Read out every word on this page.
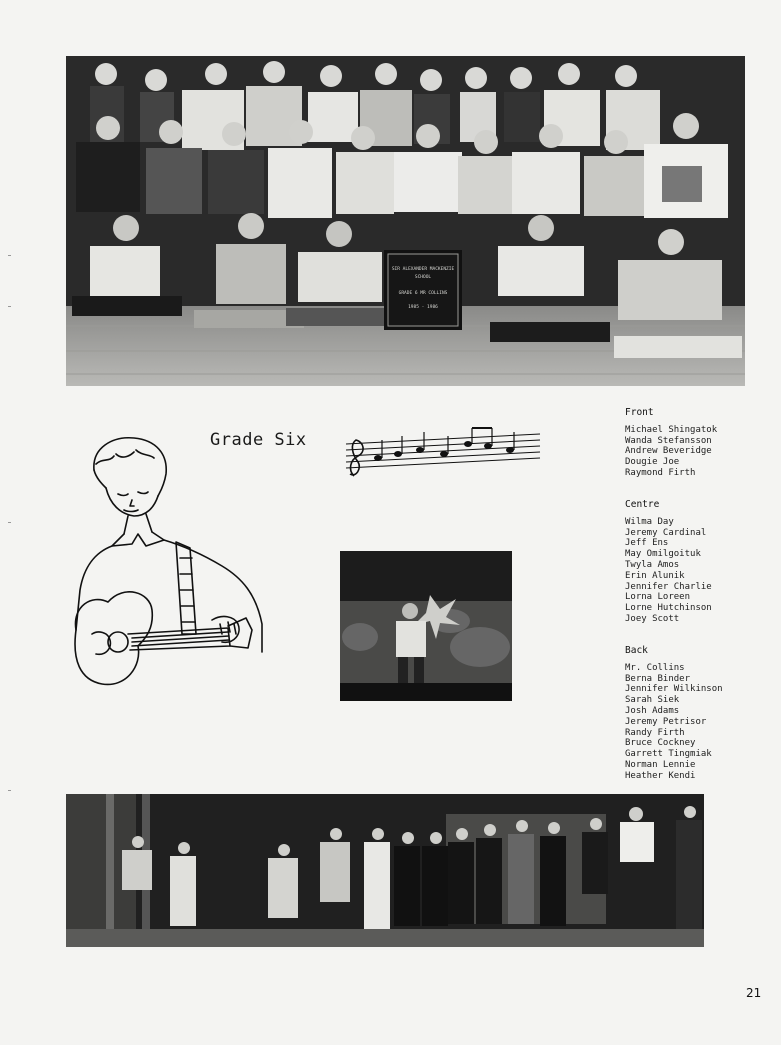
SIR ALEXANDER MACKENZIE
SCHOOL
GRADE 6 MR COLLINS
1985 - 1986
Grade Six
Front
Michael Shingatok
Wanda Stefansson
Andrew Beveridge
Dougie Joe
Raymond Firth
Centre
Wilma Day
Jeremy Cardinal
Jeff Ens
May Omilgoituk
Twyla Amos
Erin Alunik
Jennifer Charlie
Lorna Loreen
Lorne Hutchinson
Joey Scott
Back
Mr. Collins
Berna Binder
Jennifer Wilkinson
Sarah Siek
Josh Adams
Jeremy Petrisor
Randy Firth
Bruce Cockney
Garrett Tingmiak
Norman Lennie
Heather Kendi
21
